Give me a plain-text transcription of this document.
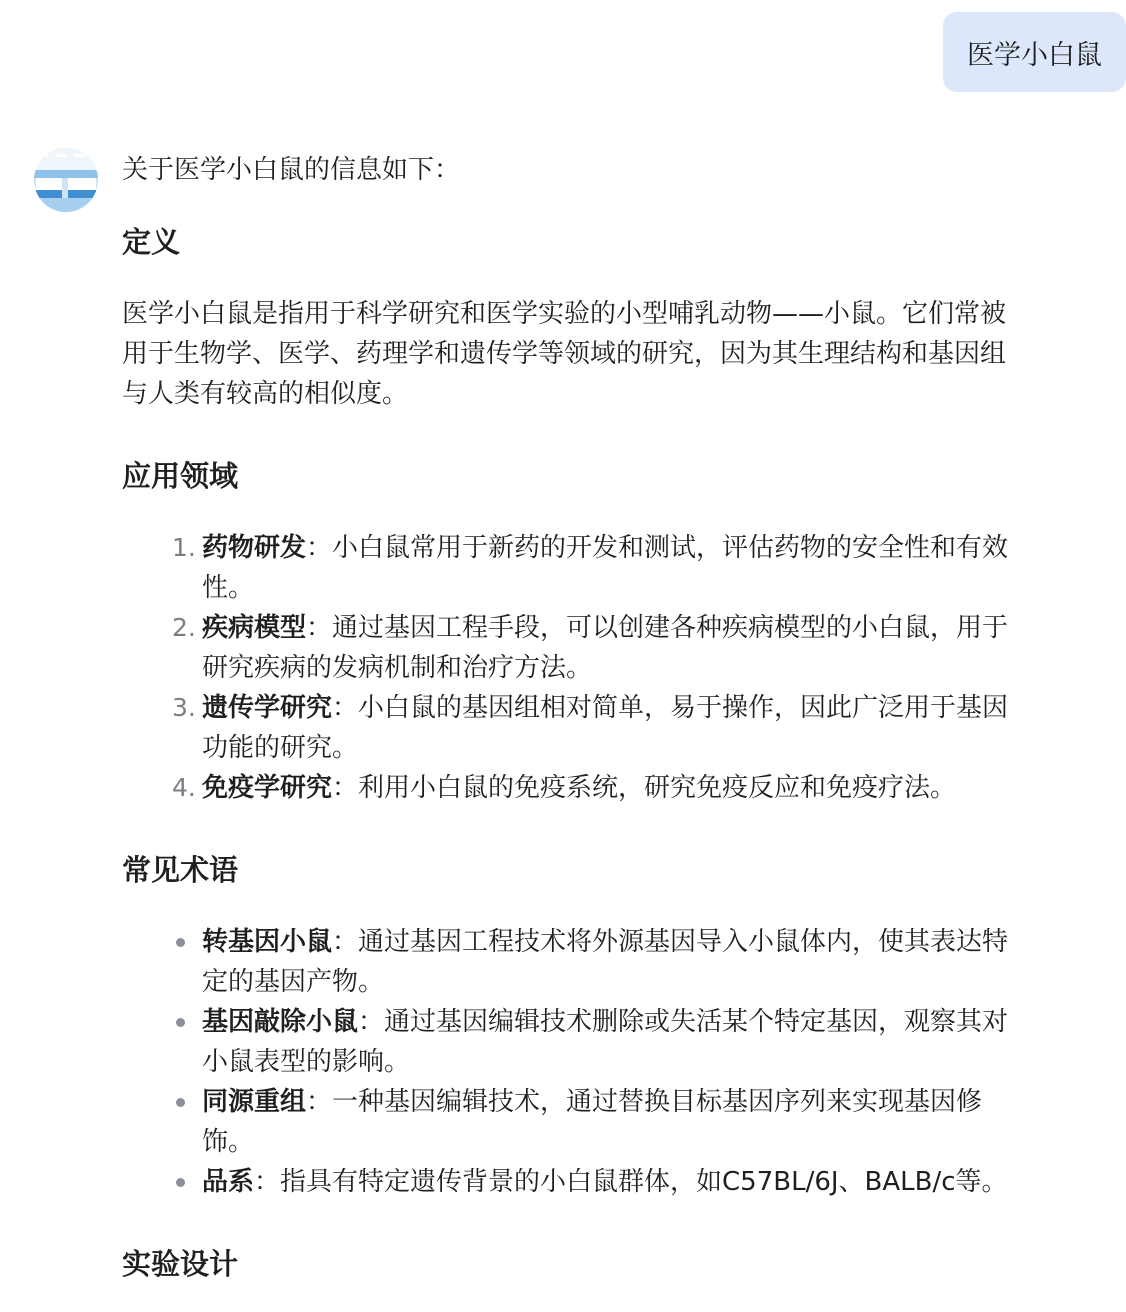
医学小白鼠

关于医学小白鼠的信息如下：

定义

医学小白鼠是指用于科学研究和医学实验的小型哺乳动物——小鼠。它们常被用于生物学、医学、药理学和遗传学等领域的研究，因为其生理结构和基因组与人类有较高的相似度。

应用领域
1. 药物研发：小白鼠常用于新药的开发和测试，评估药物的安全性和有效性。
2. 疾病模型：通过基因工程手段，可以创建各种疾病模型的小白鼠，用于研究疾病的发病机制和治疗方法。
3. 遗传学研究：小白鼠的基因组相对简单，易于操作，因此广泛用于基因功能的研究。
4. 免疫学研究：利用小白鼠的免疫系统，研究免疫反应和免疫疗法。
常见术语
转基因小鼠：通过基因工程技术将外源基因导入小鼠体内，使其表达特定的基因产物。
基因敲除小鼠：通过基因编辑技术删除或失活某个特定基因，观察其对小鼠表型的影响。
同源重组：一种基因编辑技术，通过替换目标基因序列来实现基因修饰。
品系：指具有特定遗传背景的小白鼠群体，如C57BL/6J、BALB/c等。
实验设计
